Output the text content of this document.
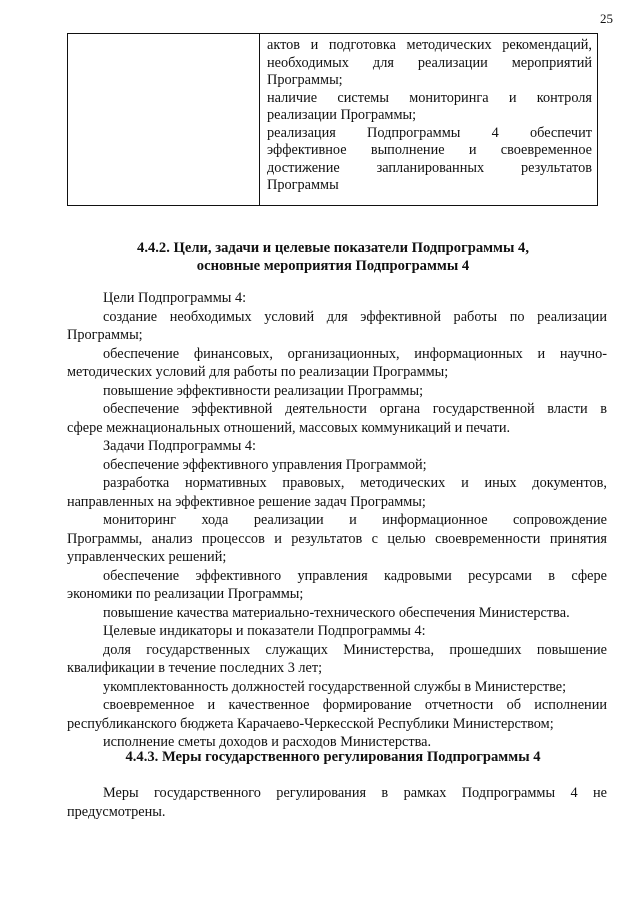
25
актов и подготовка методических рекомендаций,
необходимых для реализации мероприятий
Программы;
наличие системы мониторинга и контроля
реализации Программы;
реализация Подпрограммы 4 обеспечит
эффективное выполнение и своевременное
достижение запланированных результатов
Программы
4.4.2. Цели, задачи и целевые показатели Подпрограммы 4,
основные мероприятия Подпрограммы 4
Цели Подпрограммы 4:
создание необходимых условий для эффективной работы по реализации
Программы;
обеспечение финансовых, организационных, информационных и научно-
методических условий для работы по реализации Программы;
повышение эффективности реализации Программы;
обеспечение эффективной деятельности органа государственной власти в
сфере межнациональных отношений, массовых коммуникаций и печати.
Задачи Подпрограммы 4:
обеспечение эффективного управления Программой;
разработка нормативных правовых, методических и иных документов,
направленных на эффективное решение задач Программы;
мониторинг хода реализации и информационное сопровождение
Программы, анализ процессов и результатов с целью своевременности принятия
управленческих решений;
обеспечение эффективного управления кадровыми ресурсами в сфере
экономики по реализации Программы;
повышение качества материально-технического обеспечения Министерства.
Целевые индикаторы и показатели Подпрограммы 4:
доля государственных служащих Министерства, прошедших повышение
квалификации в течение последних 3 лет;
укомплектованность должностей государственной службы в Министерстве;
своевременное и качественное формирование отчетности об исполнении
республиканского бюджета Карачаево-Черкесской Республики Министерством;
исполнение сметы доходов и расходов Министерства.
4.4.3. Меры государственного регулирования Подпрограммы 4
Меры государственного регулирования в рамках Подпрограммы 4 не
предусмотрены.
